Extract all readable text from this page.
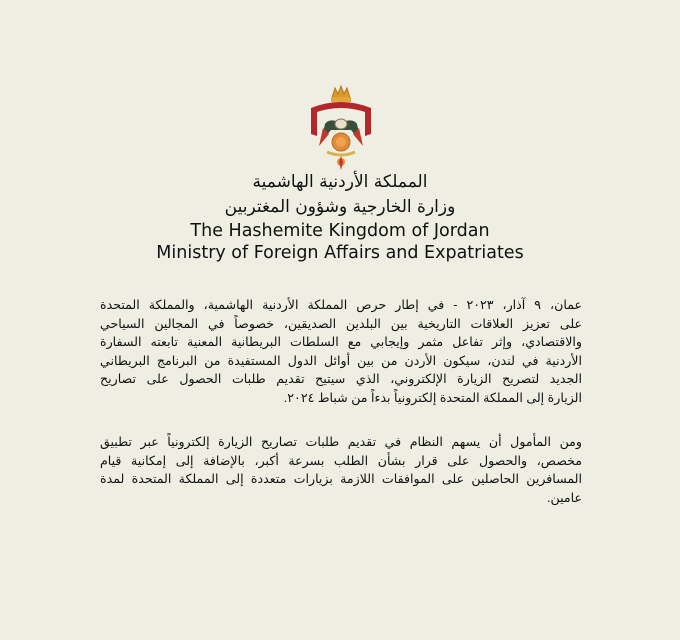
المملكة الأردنية الهاشمية
وزارة الخارجية وشؤون المغتربين
The Hashemite Kingdom of Jordan
Ministry of Foreign Affairs and Expatriates
عمان، ٩ آذار، ٢٠٢٣ - في إطار حرص المملكة الأردنية الهاشمية، والمملكة المتحدة
على تعزيز العلاقات التاريخية بين البلدين الصديقين، خصوصاً في المجالين السياحي
والاقتصادي، وإثر تفاعل مثمر وإيجابي مع السلطات البريطانية المعنية تابعته السفارة
الأردنية في لندن، سيكون الأردن من بين أوائل الدول المستفيدة من البرنامج البريطاني
الجديد لتصريح الزيارة الإلكتروني، الذي سيتيح تقديم طلبات الحصول على تصاريح
الزيارة إلى المملكة المتحدة إلكترونياً بدءاً من شباط ٢٠٢٤.
ومن المأمول أن يسهم النظام في تقديم طلبات تصاريح الزيارة إلكترونياً عبر تطبيق
مخصص، والحصول على قرار بشأن الطلب بسرعة أكبر، بالإضافة إلى إمكانية قيام
المسافرين الحاصلين على الموافقات اللازمة بزيارات متعددة إلى المملكة المتحدة لمدة
عامين.
